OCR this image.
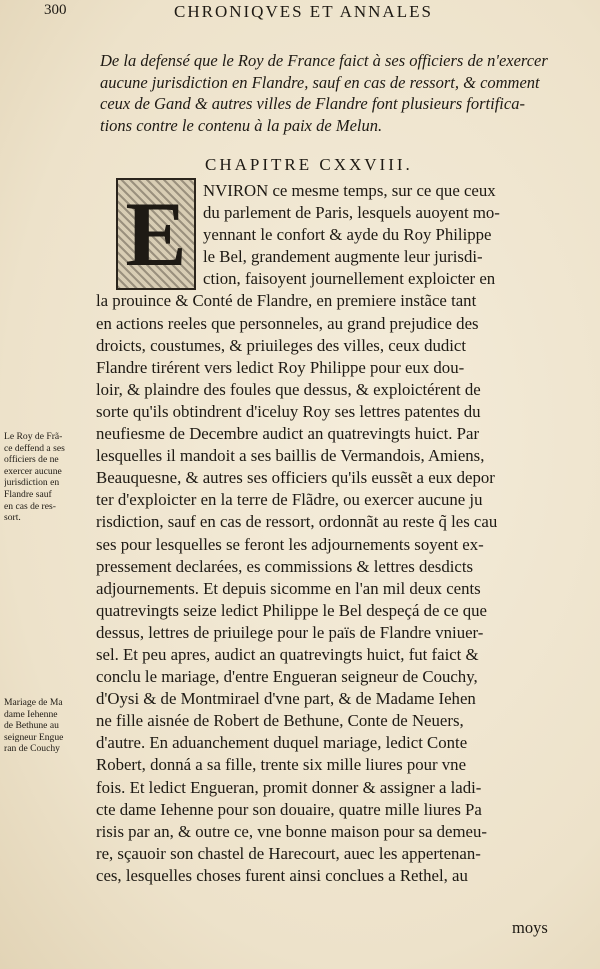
300	CHRONIQVES ET ANNALES
De la defensé que le Roy de France faict à ses officiers de n'exercer
aucune jurisdiction en Flandre, sauf en cas de ressort, & comment
ceux de Gand & autres villes de Flandre font plusieurs fortifica-
tions contre le contenu à la paix de Melun.
CHAPITRE CXXVIII.
E NVIRON ce mesme temps, sur ce que ceux
du parlement de Paris, lesquels auoyent mo-
yennant le confort & ayde du Roy Philippe
le Bel, grandement augmente leur jurisdi-
ction, faisoyent journellement exploicter en
la prouince & Conté de Flandre, en premiere instãce tant
en actions reeles que personneles, au grand prejudice des
droicts, coustumes, & priuileges des villes, ceux dudict
Flandre tirérent vers ledict Roy Philippe pour eux dou-
loir, & plaindre des foules que dessus, & exploictérent de
sorte qu'ils obtindrent d'iceluy Roy ses lettres patentes du
neufiesme de Decembre audict an quatrevingts huict. Par
lesquelles il mandoit a ses baillis de Vermandois, Amiens,
Beauquesne, & autres ses officiers qu'ils eussẽt a eux depor
ter d'exploicter en la terre de Flãdre, ou exercer aucune ju
risdiction, sauf en cas de ressort, ordonnãt au reste q̃ les cau
ses pour lesquelles se feront les adjournements soyent ex-
pressement declarées, es commissions & lettres desdicts
adjournements. Et depuis sicomme en l'an mil deux cents
quatrevingts seize ledict Philippe le Bel despeçá de ce que
dessus, lettres de priuilege pour le païs de Flandre vniuer-
sel. Et peu apres, audict an quatrevingts huict, fut faict &
conclu le mariage, d'entre Engueran seigneur de Couchy,
d'Oysi & de Montmirael d'vne part, & de Madame Iehen
ne fille aisnée de Robert de Bethune, Conte de Neuers,
d'autre. En aduanchement duquel mariage, ledict Conte
Robert, donná a sa fille, trente six mille liures pour vne
fois. Et ledict Engueran, promit donner & assigner a ladi-
cte dame Iehenne pour son douaire, quatre mille liures Pa
risis par an, & outre ce, vne bonne maison pour sa demeu-
re, sçauoir son chastel de Harecourt, auec les appertenan-
ces, lesquelles choses furent ainsi conclues a Rethel, au
moys
Le Roy de Frã-
ce deffend a ses
officiers de ne
exercer aucune
jurisdiction en
Flandre sauf
en cas de res-
sort.
Mariage de Ma
dame Iehenne
de Bethune au
seigneur Engue
ran de Couchy
